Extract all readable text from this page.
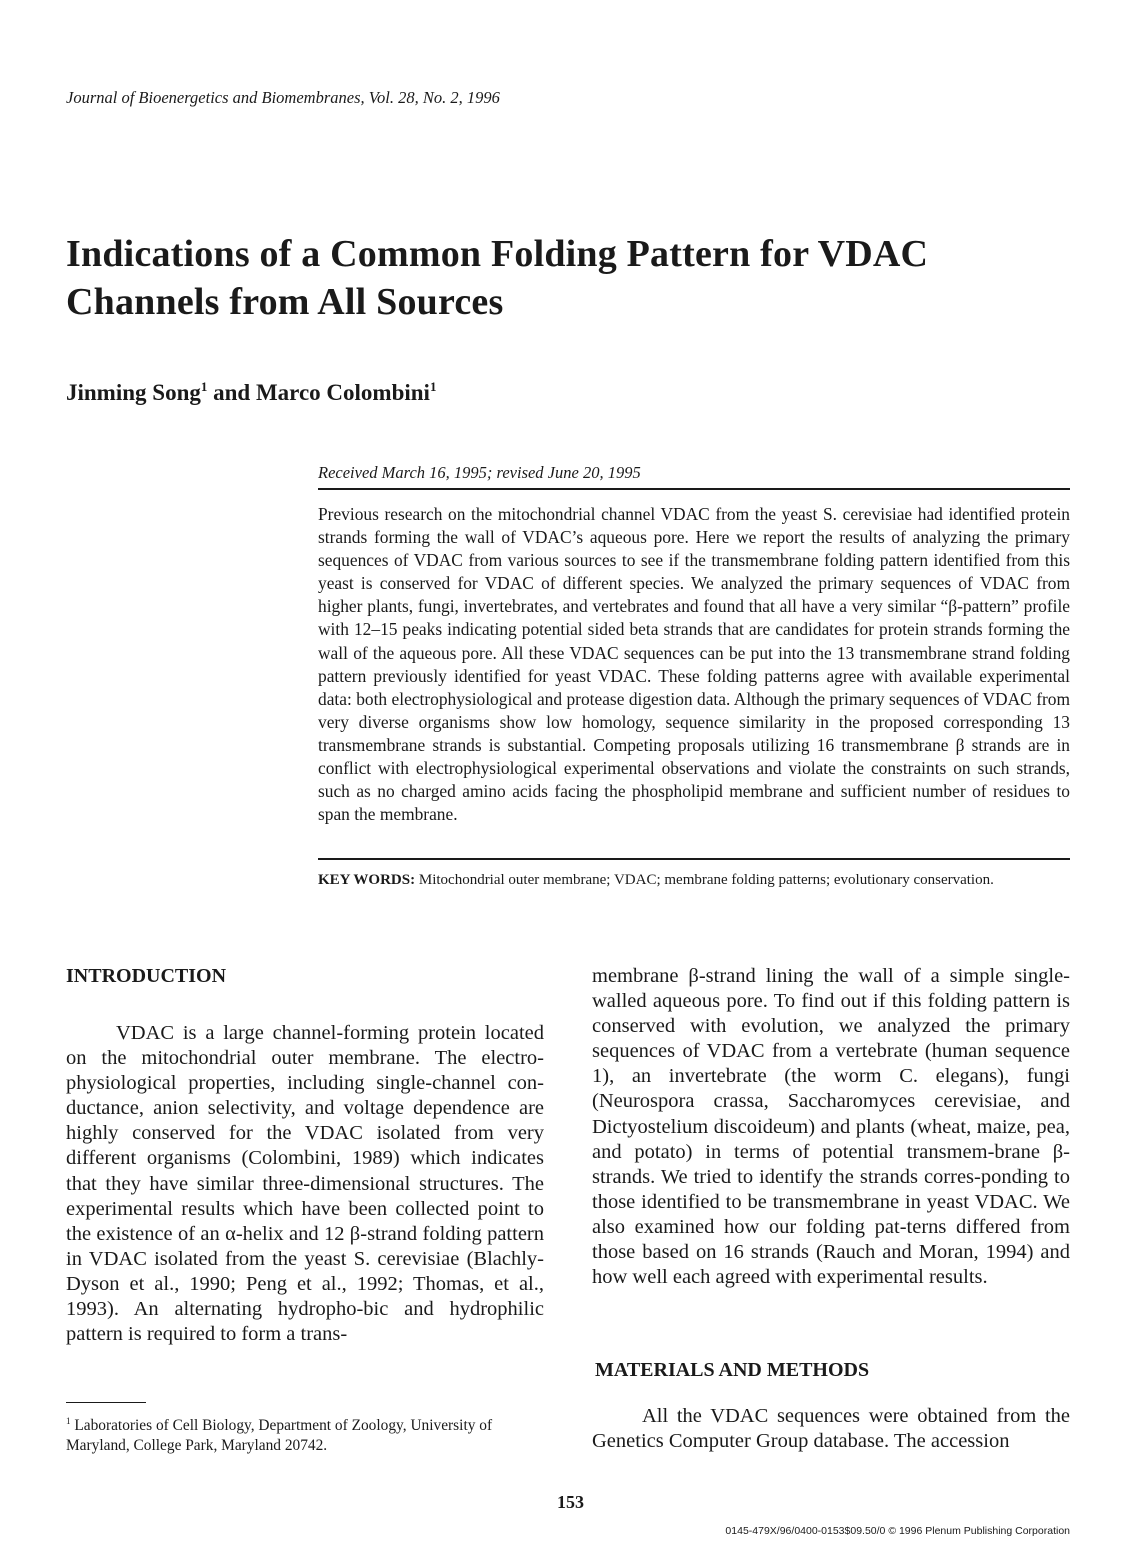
Journal of Bioenergetics and Biomembranes, Vol. 28, No. 2, 1996
Indications of a Common Folding Pattern for VDAC
Channels from All Sources
Jinming Song$^1$ and Marco Colombini$^1$
Received March 16, 1995; revised June 20, 1995
Previous research on the mitochondrial channel VDAC from the yeast S. cerevisiae had identified protein strands forming the wall of VDAC’s aqueous pore. Here we report the results of analyzing the primary sequences of VDAC from various sources to see if the transmembrane folding pattern identified from this yeast is conserved for VDAC of different species. We analyzed the primary sequences of VDAC from higher plants, fungi, invertebrates, and vertebrates and found that all have a very similar “β-pattern” profile with 12–15 peaks indicating potential sided beta strands that are candidates for protein strands forming the wall of the aqueous pore. All these VDAC sequences can be put into the 13 transmembrane strand folding pattern previously identified for yeast VDAC. These folding patterns agree with available experimental data: both electrophysiological and protease digestion data. Although the primary sequences of VDAC from very diverse organisms show low homology, sequence similarity in the proposed corresponding 13 transmembrane strands is substantial. Competing proposals utilizing 16 transmembrane β strands are in conflict with electrophysiological experimental observations and violate the constraints on such strands, such as no charged amino acids facing the phospholipid membrane and sufficient number of residues to span the membrane.
KEY WORDS: Mitochondrial outer membrane; VDAC; membrane folding patterns; evolutionary conservation.
INTRODUCTION

VDAC is a large channel-forming protein located on the mitochondrial outer membrane. The electro-physiological properties, including single-channel con-ductance, anion selectivity, and voltage dependence are highly conserved for the VDAC isolated from very different organisms (Colombini, 1989) which indicates that they have similar three-dimensional structures. The experimental results which have been collected point to the existence of an α-helix and 12 β-strand folding pattern in VDAC isolated from the yeast S. cerevisiae (Blachly-Dyson et al., 1990; Peng et al., 1992; Thomas, et al., 1993). An alternating hydropho-bic and hydrophilic pattern is required to form a trans-

membrane β-strand lining the wall of a simple single-walled aqueous pore. To find out if this folding pattern is conserved with evolution, we analyzed the primary sequences of VDAC from a vertebrate (human sequence 1), an invertebrate (the worm C. elegans), fungi (Neurospora crassa, Saccharomyces cerevisiae, and Dictyostelium discoideum) and plants (wheat, maize, pea, and potato) in terms of potential transmem-brane β-strands. We tried to identify the strands corres-ponding to those identified to be transmembrane in yeast VDAC. We also examined how our folding pat-terns differed from those based on 16 strands (Rauch and Moran, 1994) and how well each agreed with experimental results.

MATERIALS AND METHODS

All the VDAC sequences were obtained from the Genetics Computer Group database. The accession

$^1$ Laboratories of Cell Biology, Department of Zoology, University of Maryland, College Park, Maryland 20742.
153
0145-479X/96/0400-0153$09.50/0 © 1996 Plenum Publishing Corporation
